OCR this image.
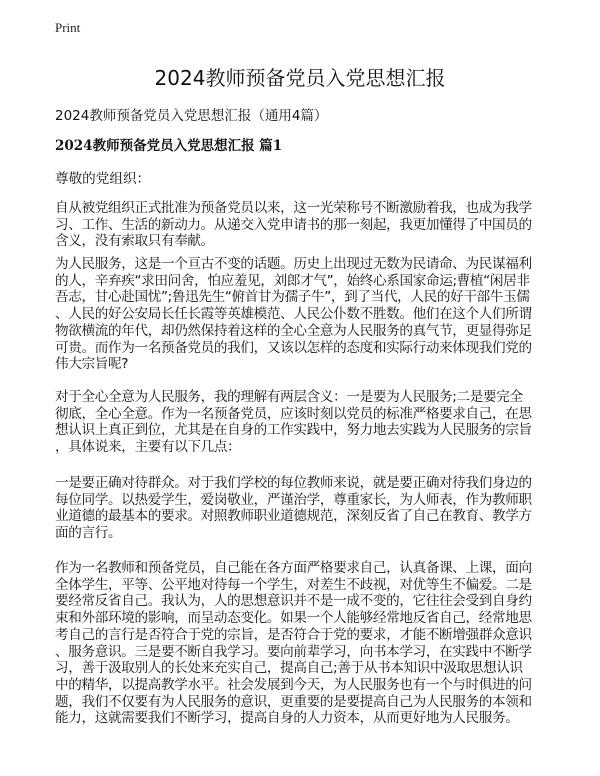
Print
2024教师预备党员入党思想汇报
2024教师预备党员入党思想汇报（通用4篇）
2024教师预备党员入党思想汇报 篇1
尊敬的党组织：
自从被党组织正式批准为预备党员以来，这一光荣称号不断激励着我，也成为我学
习、工作、生活的新动力。从递交入党申请书的那一刻起，我更加懂得了中国员的
含义，没有索取只有奉献。
为人民服务，这是一个亘古不变的话题。历史上出现过无数为民请命、为民谋福利
的人，辛弃疾“求田问舍，怕应羞见，刘郎才气”，始终心系国家命运;曹植“闲居非
吾志，甘心赴国忧”;鲁迅先生“俯首甘为孺子牛”，到了当代，人民的好干部牛玉儒
、人民的好公安局长任长霞等英雄模范、人民公仆数不胜数。他们在这个人们所谓
物欲横流的年代，却仍然保持着这样的全心全意为人民服务的真气节，更显得弥足
可贵。而作为一名预备党员的我们，又该以怎样的态度和实际行动来体现我们党的
伟大宗旨呢?
对于全心全意为人民服务，我的理解有两层含义：一是要为人民服务;二是要完全
彻底，全心全意。作为一名预备党员，应该时刻以党员的标准严格要求自己，在思
想认识上真正到位，尤其是在自身的工作实践中，努力地去实践为人民服务的宗旨
，具体说来，主要有以下几点：
一是要正确对待群众。对于我们学校的每位教师来说，就是要正确对待我们身边的
每位同学。以热爱学生，爱岗敬业，严谨治学，尊重家长，为人师表，作为教师职
业道德的最基本的要求。对照教师职业道德规范，深刻反省了自己在教育、教学方
面的言行。
作为一名教师和预备党员，自己能在各方面严格要求自己，认真备课、上课，面向
全体学生，平等、公平地对待每一个学生，对差生不歧视，对优等生不偏爱。二是
要经常反省自己。我认为，人的思想意识并不是一成不变的，它往往会受到自身约
束和外部环境的影响，而呈动态变化。如果一个人能够经常地反省自己，经常地思
考自己的言行是否符合于党的宗旨，是否符合于党的要求，才能不断增强群众意识
、服务意识。三是要不断自我学习。要向前辈学习，向书本学习，在实践中不断学
习，善于汲取别人的长处来充实自己，提高自己;善于从书本知识中汲取思想认识
中的精华，以提高教学水平。社会发展到今天，为人民服务也有一个与时俱进的问
题，我们不仅要有为人民服务的意识，更重要的是要提高自己为人民服务的本领和
能力，这就需要我们不断学习，提高自身的人力资本，从而更好地为人民服务。
